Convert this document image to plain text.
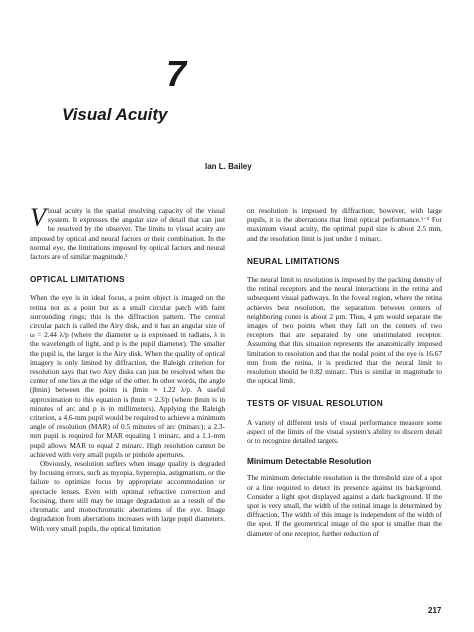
7
Visual Acuity
Ian L. Bailey

Visual acuity is the spatial resolving capacity of the visual system. It expresses the angular size of detail that can just be resolved by the observer. The limits to visual acuity are imposed by optical and neural factors or their combination. In the normal eye, the limitations imposed by optical factors and neural factors are of similar magnitude.¹

OPTICAL LIMITATIONS

When the eye is in ideal focus, a point object is imaged on the retina not as a point but as a small circular patch with faint surrounding rings; this is the diffraction pattern. The central circular patch is called the Airy disk, and it has an angular size of ω = 2.44 λ/p (where the diameter ω is expressed in radians, λ is the wavelength of light, and p is the pupil diameter). The smaller the pupil is, the larger is the Airy disk. When the quality of optical imagery is only limited by diffraction, the Raleigh criterion for resolution says that two Airy disks can just be resolved when the center of one lies at the edge of the other. In other words, the angle (βmin) between the points is βmin ≈ 1.22 λ/p. A useful approximation to this equation is βmin ≈ 2.3/p (where βmin is in minutes of arc and p is in millimeters). Applying the Raleigh criterion, a 4.6-mm pupil would be required to achieve a minimum angle of resolution (MAR) of 0.5 minutes of arc (minarc); a 2.3-mm pupil is required for MAR equaling 1 minarc, and a 1.1-mm pupil allows MAR to equal 2 minarc. High resolution cannot be achieved with very small pupils or pinhole apertures.

Obviously, resolution suffers when image quality is degraded by focusing errors, such as myopia, hyperopia, astigmatism, or the failure to optimize focus by appropriate accommodation or spectacle lenses. Even with optimal refractive correction and focusing, there still may be image degradation as a result of the chromatic and monochromatic aberrations of the eye. Image degradation from aberrations increases with large pupil diameters. With very small pupils, the optical limitation

on resolution is imposed by diffraction; however, with large pupils, it is the aberrations that limit optical performance.¹⁻³ For maximum visual acuity, the optimal pupil size is about 2.5 mm, and the resolution limit is just under 1 minarc.

NEURAL LIMITATIONS

The neural limit to resolution is imposed by the packing density of the retinal receptors and the neural interactions in the retina and subsequent visual pathways. In the foveal region, where the retina achieves best resolution, the separation between centers of neighboring cones is about 2 µm. Thus, 4 µm would separate the images of two points when they fall on the centers of two receptors that are separated by one unstimulated receptor. Assuming that this situation represents the anatomically imposed limitation to resolution and that the nodal point of the eye is 16.67 mm from the retina, it is predicted that the neural limit to resolution should be 0.82 minarc. This is similar in magnitude to the optical limit.

TESTS OF VISUAL RESOLUTION

A variety of different tests of visual performance measure some aspect of the limits of the visual system's ability to discern detail or to recognize detailed targets.

Minimum Detectable Resolution

The minimum detectable resolution is the threshold size of a spot or a line required to detect its presence against its background. Consider a light spot displayed against a dark background. If the spot is very small, the width of the retinal image is determined by diffraction. The width of this image is independent of the width of the spot. If the geometrical image of the spot is smaller than the diameter of one receptor, further reduction of

217
